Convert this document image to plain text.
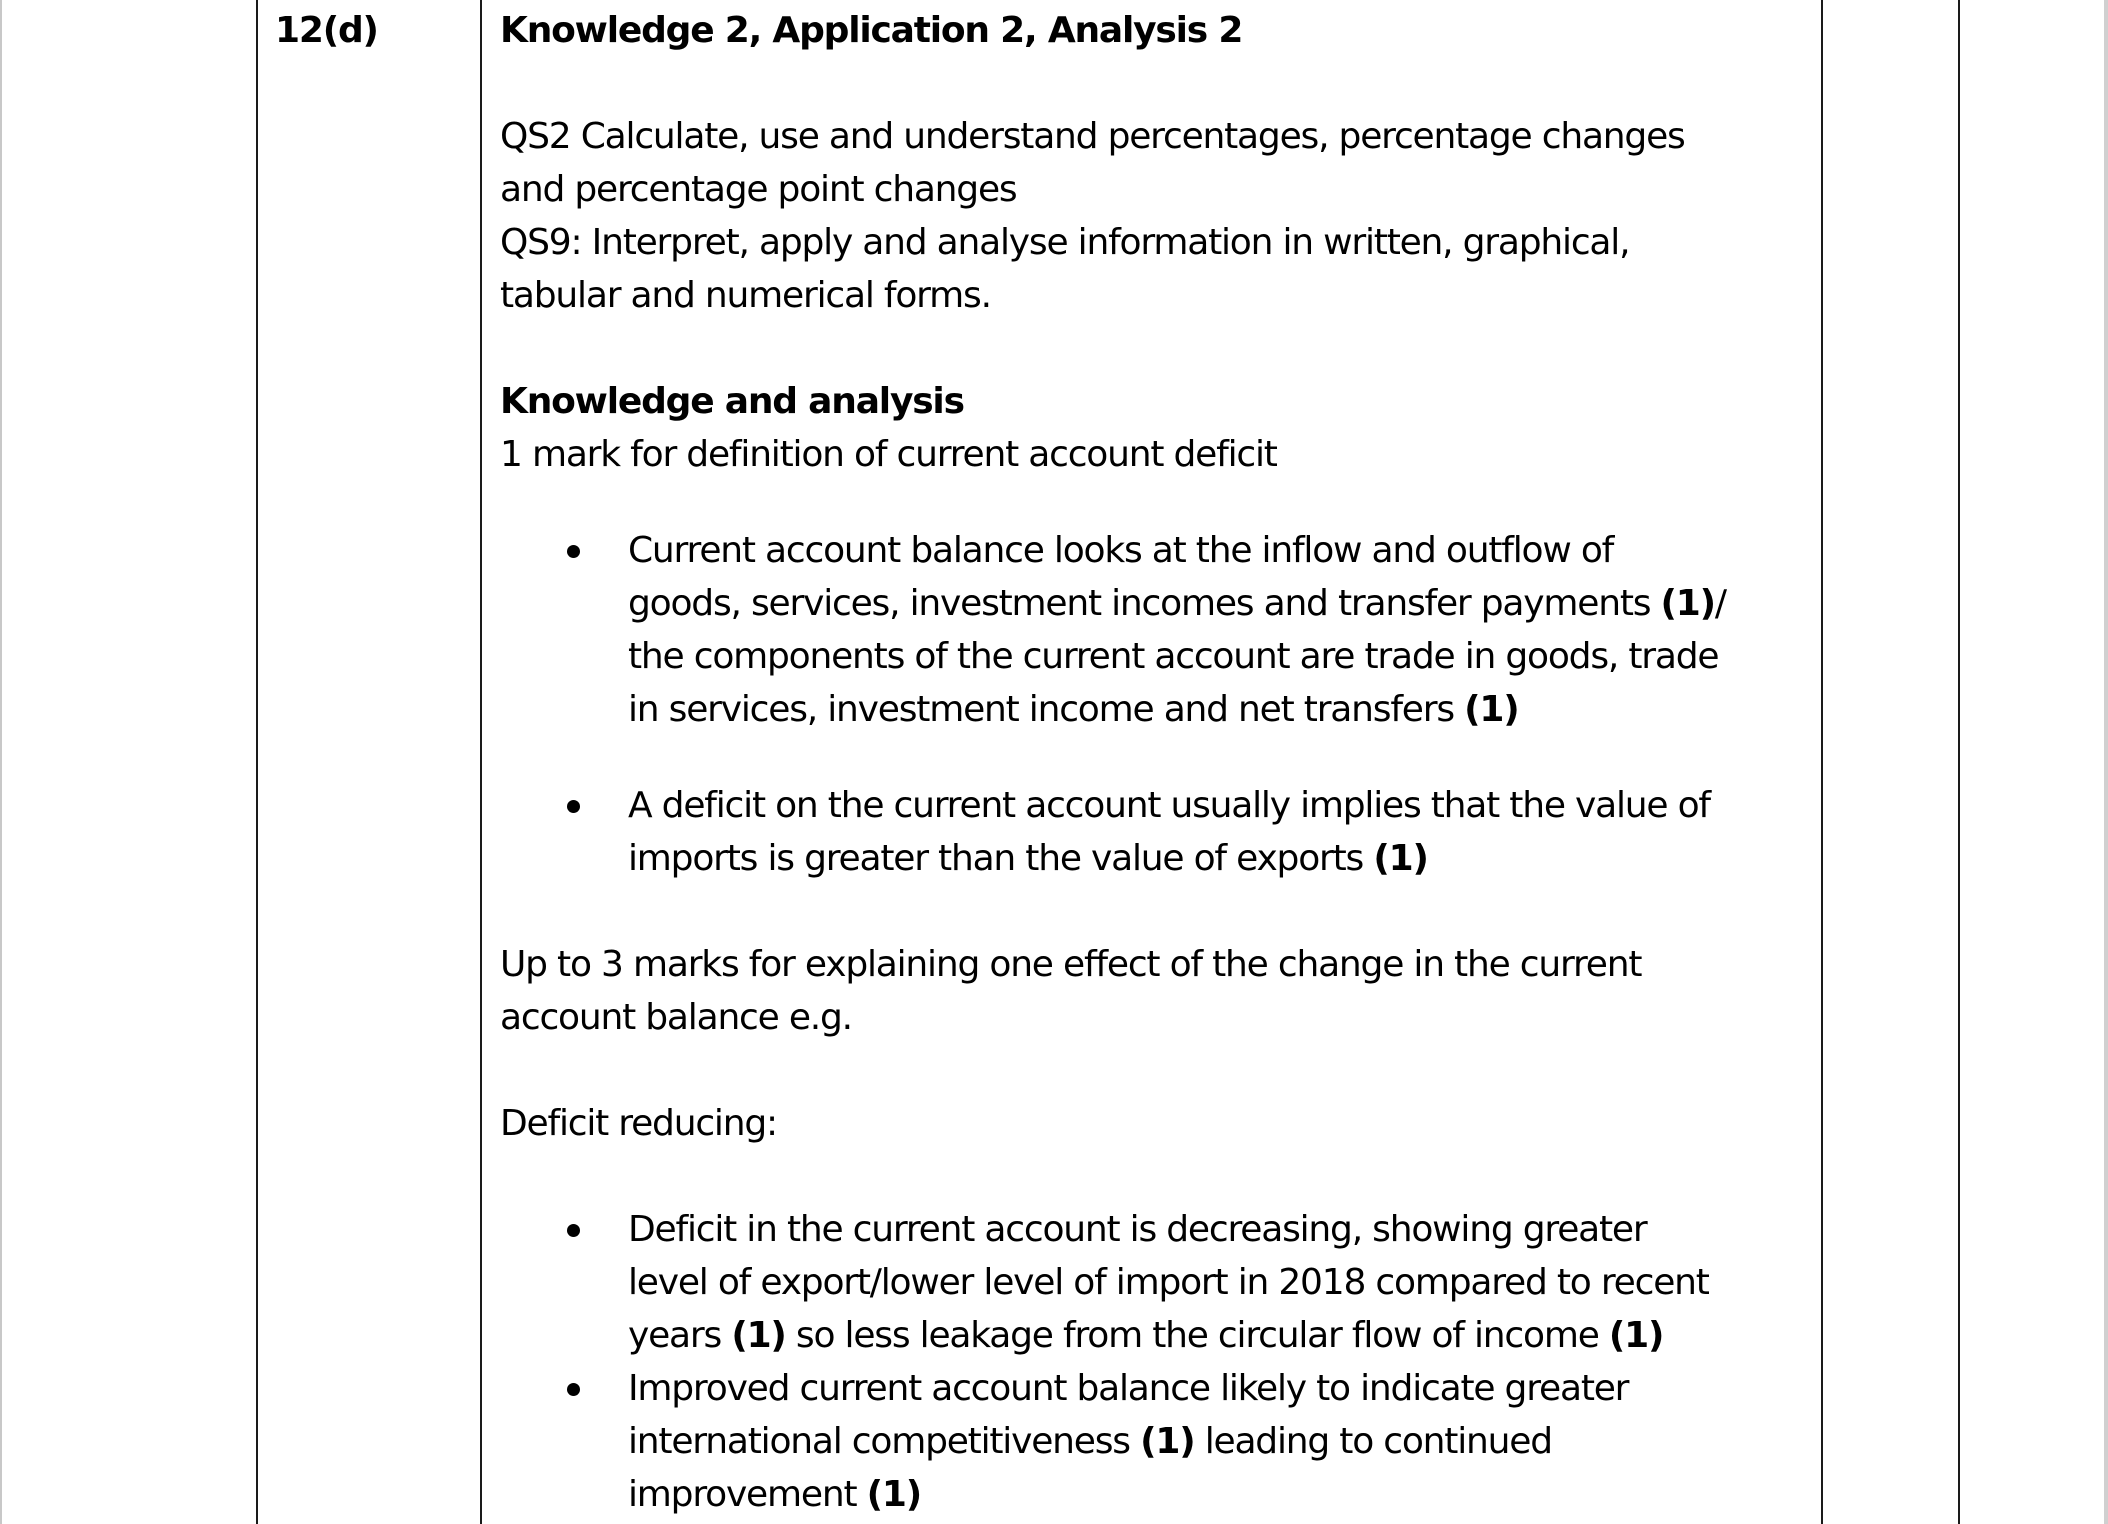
12(d)	Knowledge 2, Application 2, Analysis 2
QS2 Calculate, use and understand percentages, percentage changes
and percentage point changes
QS9: Interpret, apply and analyse information in written, graphical,
tabular and numerical forms.
Knowledge and analysis
1 mark for definition of current account deficit
Current account balance looks at the inflow and outflow of
goods, services, investment incomes and transfer payments (1)/
the components of the current account are trade in goods, trade
in services, investment income and net transfers (1)
A deficit on the current account usually implies that the value of
imports is greater than the value of exports (1)
Up to 3 marks for explaining one effect of the change in the current
account balance e.g.
Deficit reducing:
Deficit in the current account is decreasing, showing greater
level of export/lower level of import in 2018 compared to recent
years (1) so less leakage from the circular flow of income (1)
Improved current account balance likely to indicate greater
international competitiveness (1) leading to continued
improvement (1)
